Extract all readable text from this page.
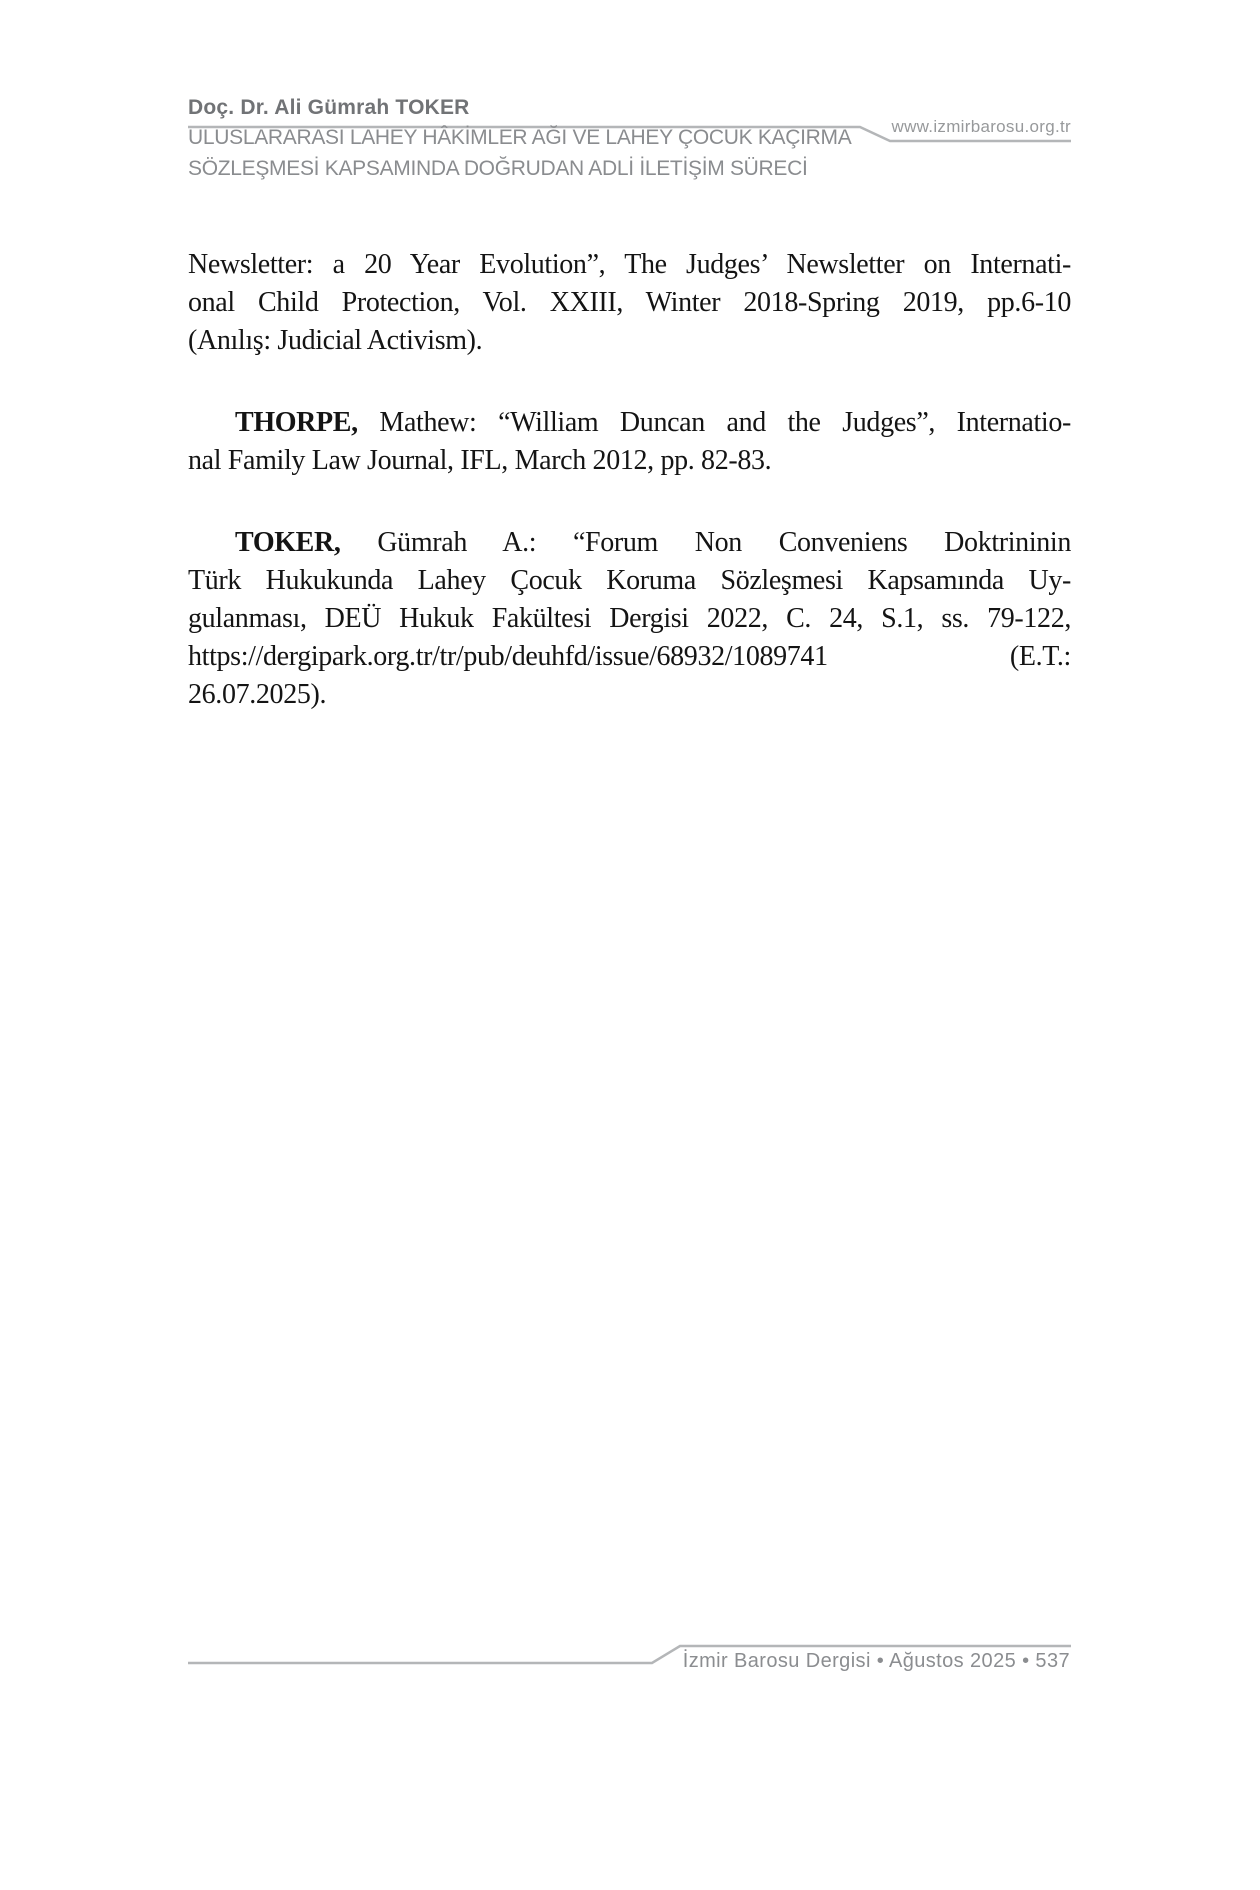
Doç. Dr. Ali Gümrah TOKER
www.izmirbarosu.org.tr
ULUSLARARASI LAHEY HÂKİMLER AĞI VE LAHEY ÇOCUK KAÇIRMA
SÖZLEŞMESİ KAPSAMINDA DOĞRUDAN ADLİ İLETİŞİM SÜRECİ
Newsletter: a 20 Year Evolution”, The Judges’ Newsletter on Internati-
onal Child Protection, Vol. XXIII, Winter 2018-Spring 2019, pp.6-10
(Anılış: Judicial Activism).
THORPE, Mathew: “William Duncan and the Judges”, Internatio-
nal Family Law Journal, IFL, March 2012, pp. 82-83.
TOKER, Gümrah A.: “Forum Non Conveniens Doktrininin
Türk Hukukunda Lahey Çocuk Koruma Sözleşmesi Kapsamında Uy-
gulanması, DEÜ Hukuk Fakültesi Dergisi 2022, C. 24, S.1, ss. 79-122,
https://dergipark.org.tr/tr/pub/deuhfd/issue/68932/1089741 (E.T.:
26.07.2025).
İzmir Barosu Dergisi • Ağustos 2025 • 537
